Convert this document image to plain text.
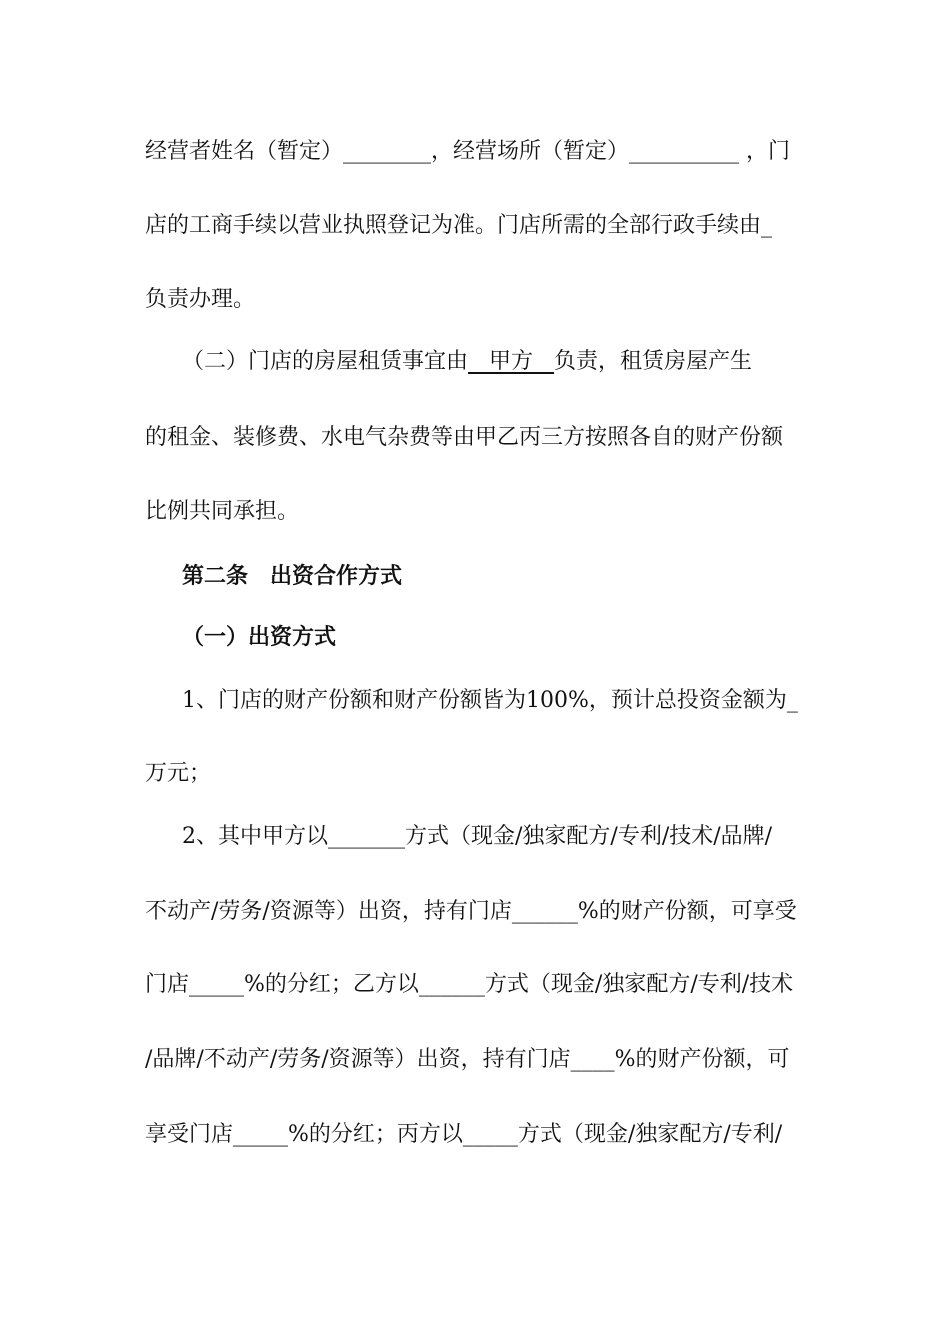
经营者姓名（暂定）________，经营场所（暂定）__________ ，门
店的工商手续以营业执照登记为准。门店所需的全部行政手续由_
负责办理。
（二）门店的房屋租赁事宜由   甲方   负责，租赁房屋产生
的租金、装修费、水电气杂费等由甲乙丙三方按照各自的财产份额
比例共同承担。
第二条　出资合作方式
（一）出资方式
1、门店的财产份额和财产份额皆为100%，预计总投资金额为_
万元；
2、其中甲方以_______方式（现金/独家配方/专利/技术/品牌/
不动产/劳务/资源等）出资，持有门店______%的财产份额，可享受
门店_____%的分红；乙方以______方式（现金/独家配方/专利/技术
/品牌/不动产/劳务/资源等）出资，持有门店____%的财产份额，可
享受门店_____%的分红；丙方以_____方式（现金/独家配方/专利/
